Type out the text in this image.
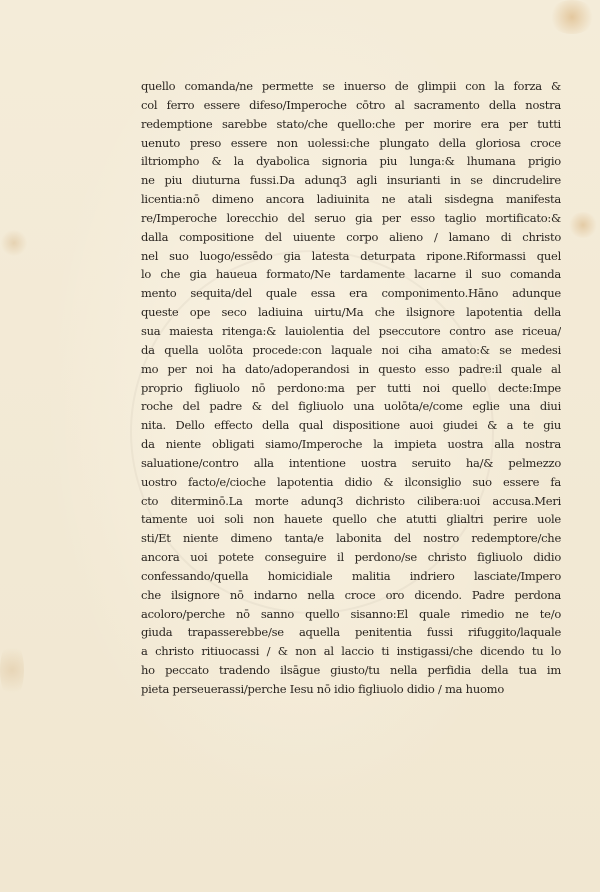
quello comanda/ne permette se inuerso de glimpii con la forza &
col ferro essere difeso/Imperoche cōtro al sacramento della nostra
redemptione sarebbe stato/che quello:che per morire era per tutti
uenuto preso essere non uolessi:che plungato della gloriosa croce
iltriompho & la dyabolica signoria piu lunga:& lhumana prigio
ne piu diuturna fussi.Da adunq3 agli insurianti in se dincrudelire
licentia:nō dimeno ancora ladiuinita ne atali sisdegna manifesta
re/Imperoche lorecchio del seruo gia per esso taglio mortificato:&
dalla compositione del uiuente corpo alieno / lamano di christo
nel suo luogo/essēdo gia latesta deturpata ripone.Riformassi quel
lo che gia haueua formato/Ne tardamente lacarne il suo comanda
mento sequita/del quale essa era componimento.Hāno adunque
queste ope seco ladiuina uirtu/Ma che ilsignore lapotentia della
sua maiesta ritenga:& lauiolentia del pseccutore contro ase riceua/
da quella uolōta procede:con laquale noi ciha amato:& se medesi
mo per noi ha dato/adoperandosi in questo esso padre:il quale al
proprio figliuolo nō perdono:ma per tutti noi quello decte:Impe
roche del padre & del figliuolo una uolōta/e/come eglie una diui
nita. Dello effecto della qual dispositione auoi giudei & a te giu
da niente obligati siamo/Imperoche la impieta uostra alla nostra
saluatione/contro alla intentione uostra seruito ha/& pelmezzo
uostro facto/e/cioche lapotentia didio & ilconsiglio suo essere fa
cto diterminō.La morte adunq3 dichristo cilibera:uoi accusa.Meri
tamente uoi soli non hauete quello che atutti glialtri perire uole
sti/Et niente dimeno tanta/e labonita del nostro redemptore/che
ancora uoi potete conseguire il perdono/se christo figliuolo didio
confessando/quella homicidiale malitia indriero lasciate/Impero
che ilsignore nō indarno nella croce oro dicendo. Padre perdona
acoloro/perche nō sanno quello sisanno:El quale rimedio ne te/o
giuda trapasserebbe/se aquella penitentia fussi rifuggito/laquale
a christo ritiuocassi / & non al laccio ti instigassi/che dicendo tu lo
ho peccato tradendo ilsāgue giusto/tu nella perfidia della tua im
pieta perseuerassi/perche Iesu nō idio figliuolo didio / ma huomo
